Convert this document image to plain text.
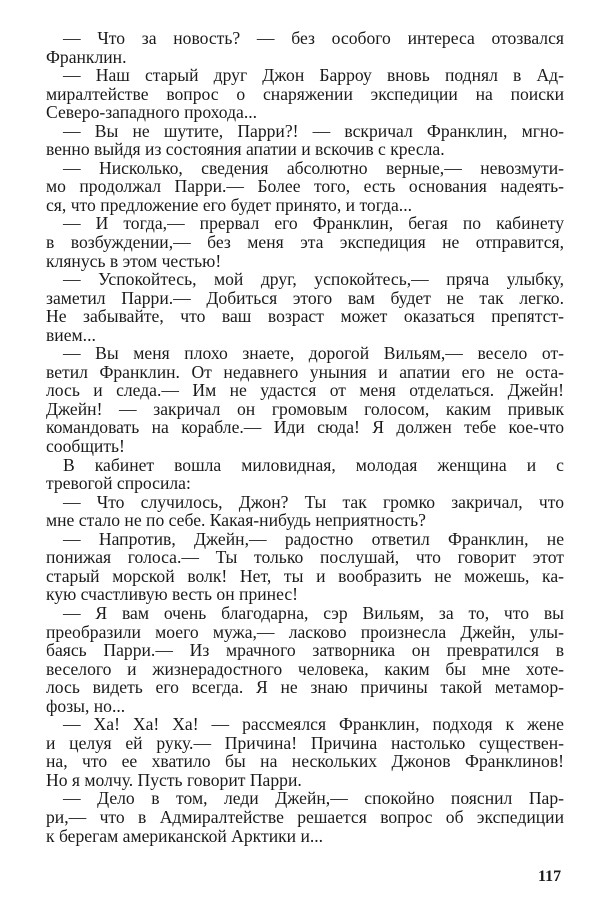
— Что за новость? — без особого интереса отозвался
Франклин.
— Наш старый друг Джон Барроу вновь поднял в Ад-
миралтействе вопрос о снаряжении экспедиции на поиски
Северо-западного прохода...
— Вы не шутите, Парри?! — вскричал Франклин, мгно-
венно выйдя из состояния апатии и вскочив с кресла.
— Нисколько, сведения абсолютно верные,— невозмути-
мо продолжал Парри.— Более того, есть основания надеять-
ся, что предложение его будет принято, и тогда...
— И тогда,— прервал его Франклин, бегая по кабинету
в возбуждении,— без меня эта экспедиция не отправится,
клянусь в этом честью!
— Успокойтесь, мой друг, успокойтесь,— пряча улыбку,
заметил Парри.— Добиться этого вам будет не так легко.
Не забывайте, что ваш возраст может оказаться препятст-
вием...
— Вы меня плохо знаете, дорогой Вильям,— весело от-
ветил Франклин. От недавнего уныния и апатии его не оста-
лось и следа.— Им не удастся от меня отделаться. Джейн!
Джейн! — закричал он громовым голосом, каким привык
командовать на корабле.— Иди сюда! Я должен тебе кое-что
сообщить!
В кабинет вошла миловидная, молодая женщина и с
тревогой спросила:
— Что случилось, Джон? Ты так громко закричал, что
мне стало не по себе. Какая-нибудь неприятность?
— Напротив, Джейн,— радостно ответил Франклин, не
понижая голоса.— Ты только послушай, что говорит этот
старый морской волк! Нет, ты и вообразить не можешь, ка-
кую счастливую весть он принес!
— Я вам очень благодарна, сэр Вильям, за то, что вы
преобразили моего мужа,— ласково произнесла Джейн, улы-
баясь Парри.— Из мрачного затворника он превратился в
веселого и жизнерадостного человека, каким бы мне хоте-
лось видеть его всегда. Я не знаю причины такой метамор-
фозы, но...
— Ха! Ха! Ха! — рассмеялся Франклин, подходя к жене
и целуя ей руку.— Причина! Причина настолько существен-
на, что ее хватило бы на нескольких Джонов Франклинов!
Но я молчу. Пусть говорит Парри.
— Дело в том, леди Джейн,— спокойно пояснил Пар-
ри,— что в Адмиралтействе решается вопрос об экспедиции
к берегам американской Арктики и...
117
